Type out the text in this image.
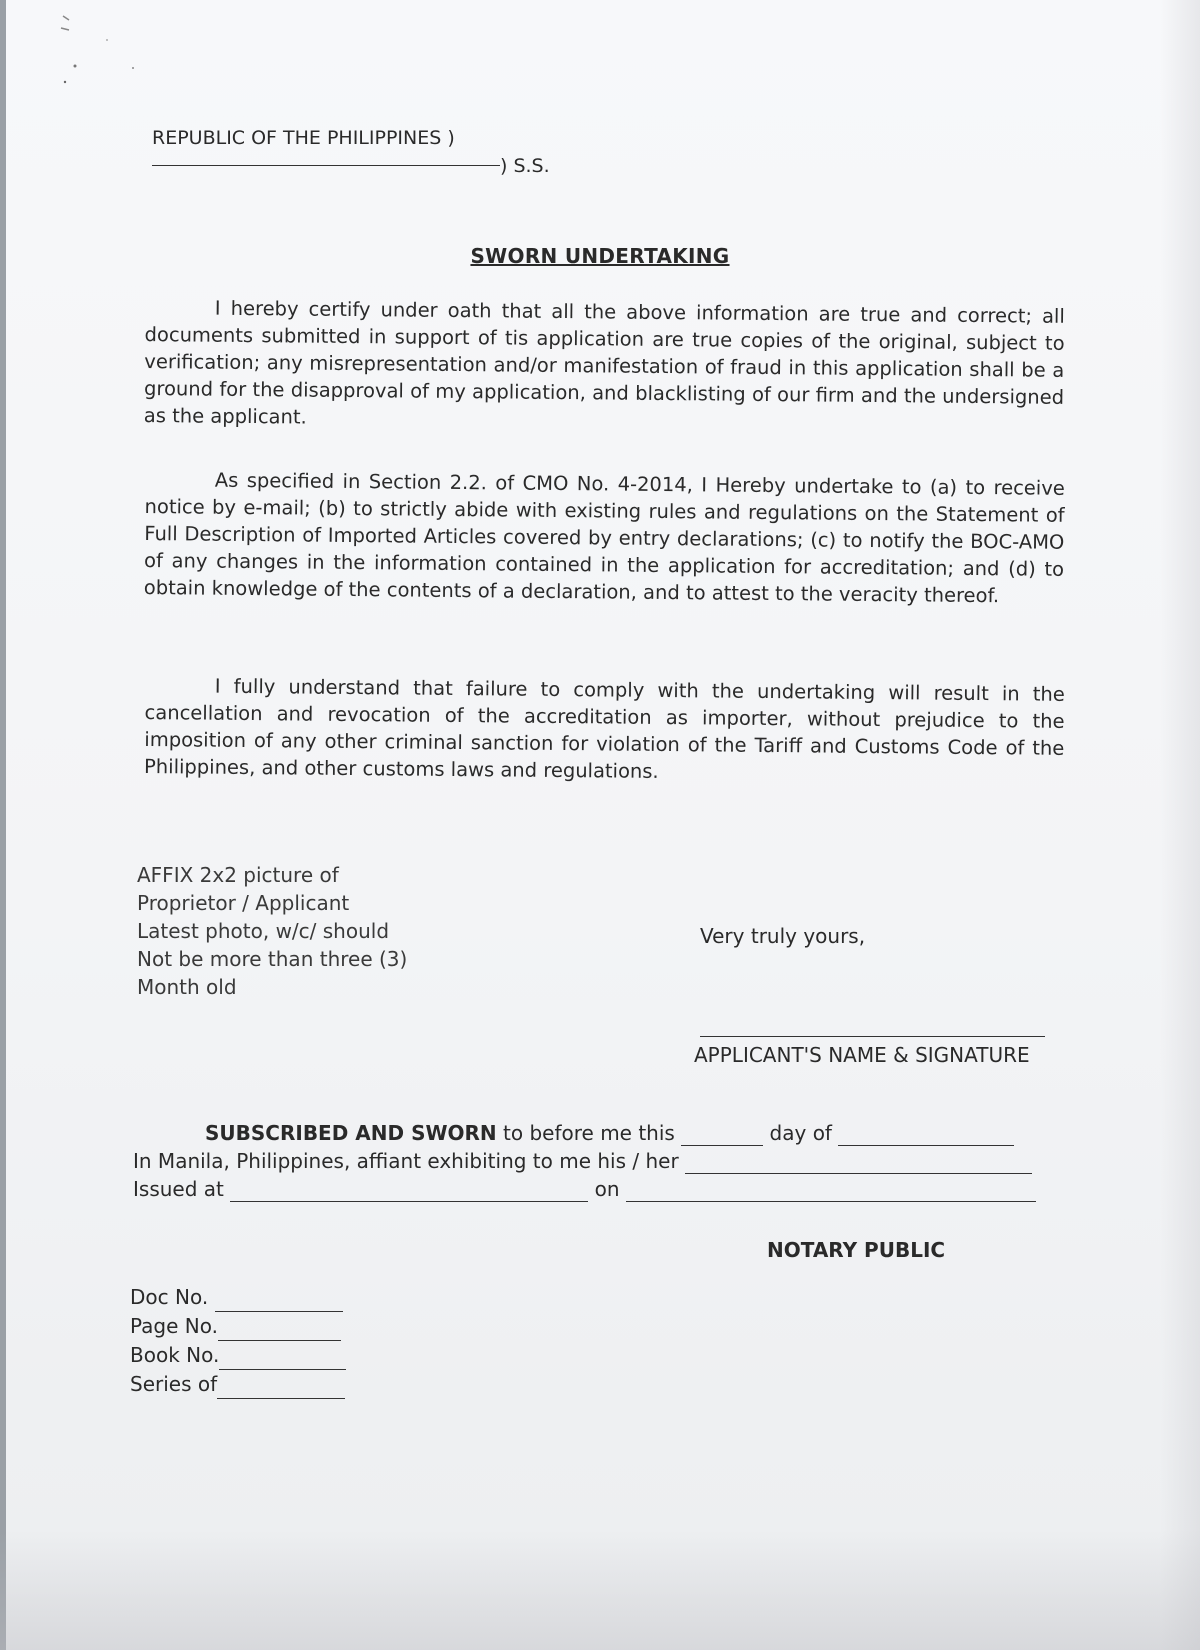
REPUBLIC OF THE PHILIPPINES )
) S.S.
SWORN UNDERTAKING
I hereby certify under oath that all the above information are true and correct; all documents submitted in support of tis application are true copies of the original, subject to verification; any misrepresentation and/or manifestation of fraud in this application shall be a ground for the disapproval of my application, and blacklisting of our firm and the undersigned as the applicant.
As specified in Section 2.2. of CMO No. 4-2014, I Hereby undertake to (a) to receive notice by e-mail; (b) to strictly abide with existing rules and regulations on the Statement of Full Description of Imported Articles covered by entry declarations; (c) to notify the BOC-AMO of any changes in the information contained in the application for accreditation; and (d) to obtain knowledge of the contents of a declaration, and to attest to the veracity thereof.
I fully understand that failure to comply with the undertaking will result in the cancellation and revocation of the accreditation as importer, without prejudice to the imposition of any other criminal sanction for violation of the Tariff and Customs Code of the Philippines, and other customs laws and regulations.
AFFIX 2x2 picture of
Proprietor / Applicant
Latest photo, w/c/ should
Not be more than three (3)
Month old
Very truly yours,
APPLICANT'S NAME & SIGNATURE
SUBSCRIBED AND SWORN to before me this	day of
In Manila, Philippines, affiant exhibiting to me his / her
Issued at	on
NOTARY PUBLIC
Doc No.
Page No.
Book No.
Series of
